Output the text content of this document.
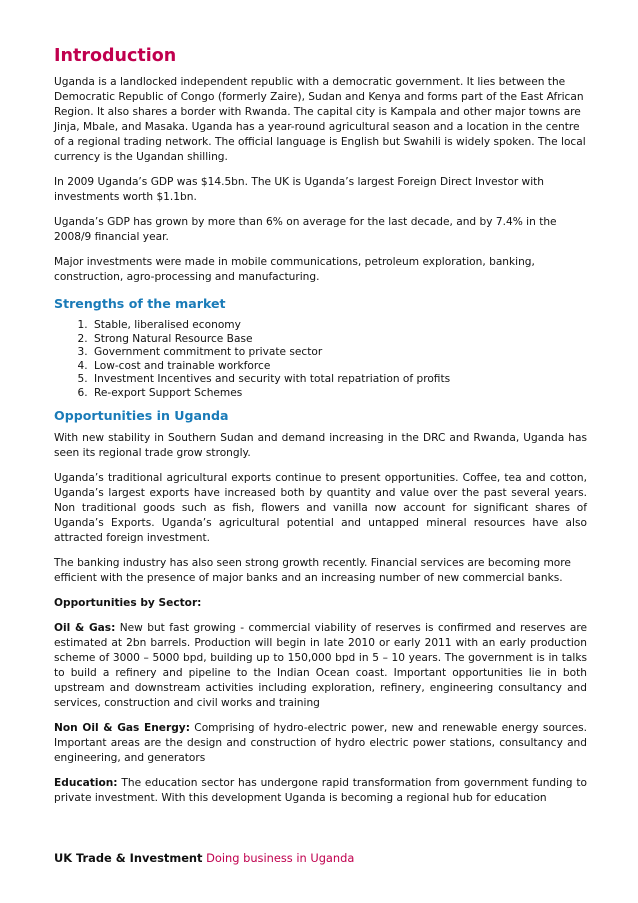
Introduction

Uganda is a landlocked independent republic with a democratic government. It lies between the Democratic Republic of Congo (formerly Zaire), Sudan and Kenya and forms part of the East African Region. It also shares a border with Rwanda. The capital city is Kampala and other major towns are Jinja, Mbale, and Masaka. Uganda has a year-round agricultural season and a location in the centre of a regional trading network. The official language is English but Swahili is widely spoken. The local currency is the Ugandan shilling.

In 2009 Uganda’s GDP was $14.5bn. The UK is Uganda’s largest Foreign Direct Investor with investments worth $1.1bn.

Uganda’s GDP has grown by more than 6% on average for the last decade, and by 7.4% in the 2008/9 financial year.

Major investments were made in mobile communications, petroleum exploration, banking, construction, agro-processing and manufacturing.

Strengths of the market
1. Stable, liberalised economy
2. Strong Natural Resource Base
3. Government commitment to private sector
4. Low-cost and trainable workforce
5. Investment Incentives and security with total repatriation of profits
6. Re-export Support Schemes
Opportunities in Uganda

With new stability in Southern Sudan and demand increasing in the DRC and Rwanda, Uganda has seen its regional trade grow strongly.

Uganda’s traditional agricultural exports continue to present opportunities. Coffee, tea and cotton, Uganda’s largest exports have increased both by quantity and value over the past several years. Non traditional goods such as fish, flowers and vanilla now account for significant shares of Uganda’s Exports. Uganda’s agricultural potential and untapped mineral resources have also attracted foreign investment.

The banking industry has also seen strong growth recently. Financial services are becoming more efficient with the presence of major banks and an increasing number of new commercial banks.

Opportunities by Sector:

Oil & Gas: New but fast growing - commercial viability of reserves is confirmed and reserves are estimated at 2bn barrels. Production will begin in late 2010 or early 2011 with an early production scheme of 3000 – 5000 bpd, building up to 150,000 bpd in 5 – 10 years. The government is in talks to build a refinery and pipeline to the Indian Ocean coast. Important opportunities lie in both upstream and downstream activities including exploration, refinery, engineering consultancy and services, construction and civil works and training

Non Oil & Gas Energy: Comprising of hydro-electric power, new and renewable energy sources. Important areas are the design and construction of hydro electric power stations, consultancy and engineering, and generators

Education: The education sector has undergone rapid transformation from government funding to private investment. With this development Uganda is becoming a regional hub for education

UK Trade & Investment Doing business in Uganda
